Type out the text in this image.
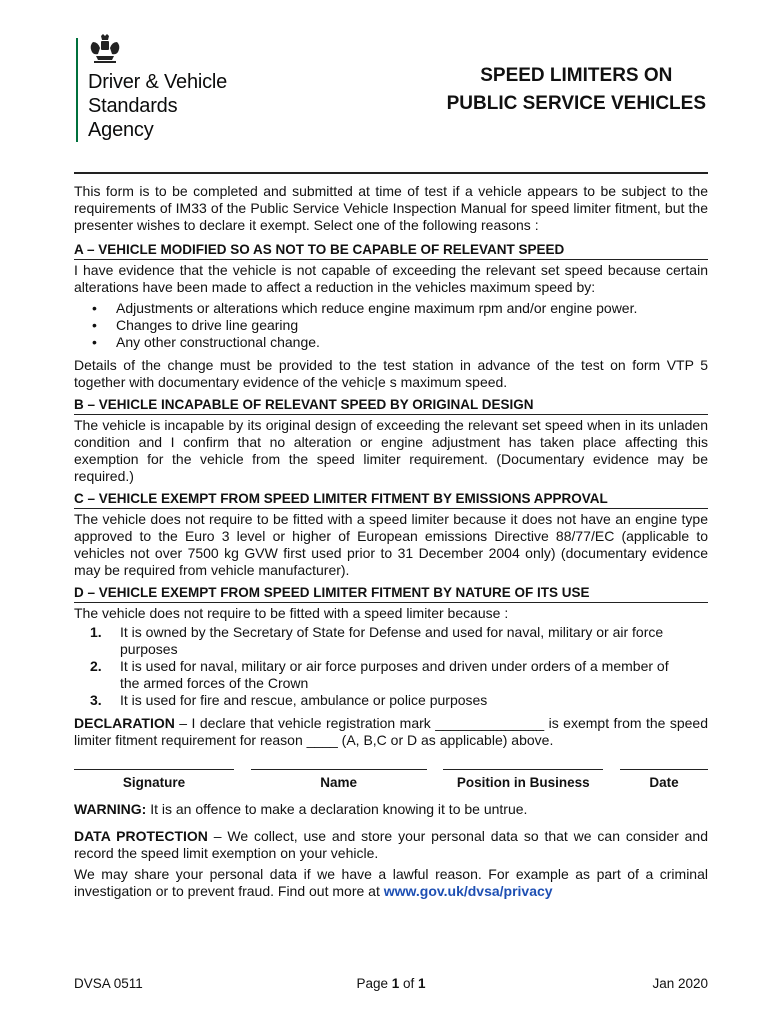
Driver & Vehicle
Standards
Agency
SPEED LIMITERS ON
PUBLIC SERVICE VEHICLES

This form is to be completed and submitted at time of test if a vehicle appears to be subject to the requirements of IM33 of the Public Service Vehicle Inspection Manual for speed limiter fitment, but the presenter wishes to declare it exempt. Select one of the following reasons :

A – VEHICLE MODIFIED SO AS NOT TO BE CAPABLE OF RELEVANT SPEED

I have evidence that the vehicle is not capable of exceeding the relevant set speed because certain alterations have been made to affect a reduction in the vehicles maximum speed by:

• Adjustments or alterations which reduce engine maximum rpm and/or engine power.
• Changes to drive line gearing
• Any other constructional change.

Details of the change must be provided to the test station in advance of the test on form VTP 5 together with documentary evidence of the vehic|e s maximum speed.

B – VEHICLE INCAPABLE OF RELEVANT SPEED BY ORIGINAL DESIGN

The vehicle is incapable by its original design of exceeding the relevant set speed when in its unladen condition and I confirm that no alteration or engine adjustment has taken place affecting this exemption for the vehicle from the speed limiter requirement. (Documentary evidence may be required.)

C – VEHICLE EXEMPT FROM SPEED LIMITER FITMENT BY EMISSIONS APPROVAL

The vehicle does not require to be fitted with a speed limiter because it does not have an engine type approved to the Euro 3 level or higher of European emissions Directive 88/77/EC (applicable to vehicles not over 7500 kg GVW first used prior to 31 December 2004 only) (documentary evidence may be required from vehicle manufacturer).

D – VEHICLE EXEMPT FROM SPEED LIMITER FITMENT BY NATURE OF ITS USE

The vehicle does not require to be fitted with a speed limiter because :

1. It is owned by the Secretary of State for Defense and used for naval, military or air force purposes
2. It is used for naval, military or air force purposes and driven under orders of a member of the armed forces of the Crown
3. It is used for fire and rescue, ambulance or police purposes

DECLARATION – I declare that vehicle registration mark ______________ is exempt from the speed limiter fitment requirement for reason ____ (A, B,C or D as applicable) above.

Signature	Name	Position in Business	Date

WARNING: It is an offence to make a declaration knowing it to be untrue.

DATA PROTECTION – We collect, use and store your personal data so that we can consider and record the speed limit exemption on your vehicle.

We may share your personal data if we have a lawful reason. For example as part of a criminal investigation or to prevent fraud. Find out more at www.gov.uk/dvsa/privacy

DVSA 0511	Page 1 of 1	Jan 2020
